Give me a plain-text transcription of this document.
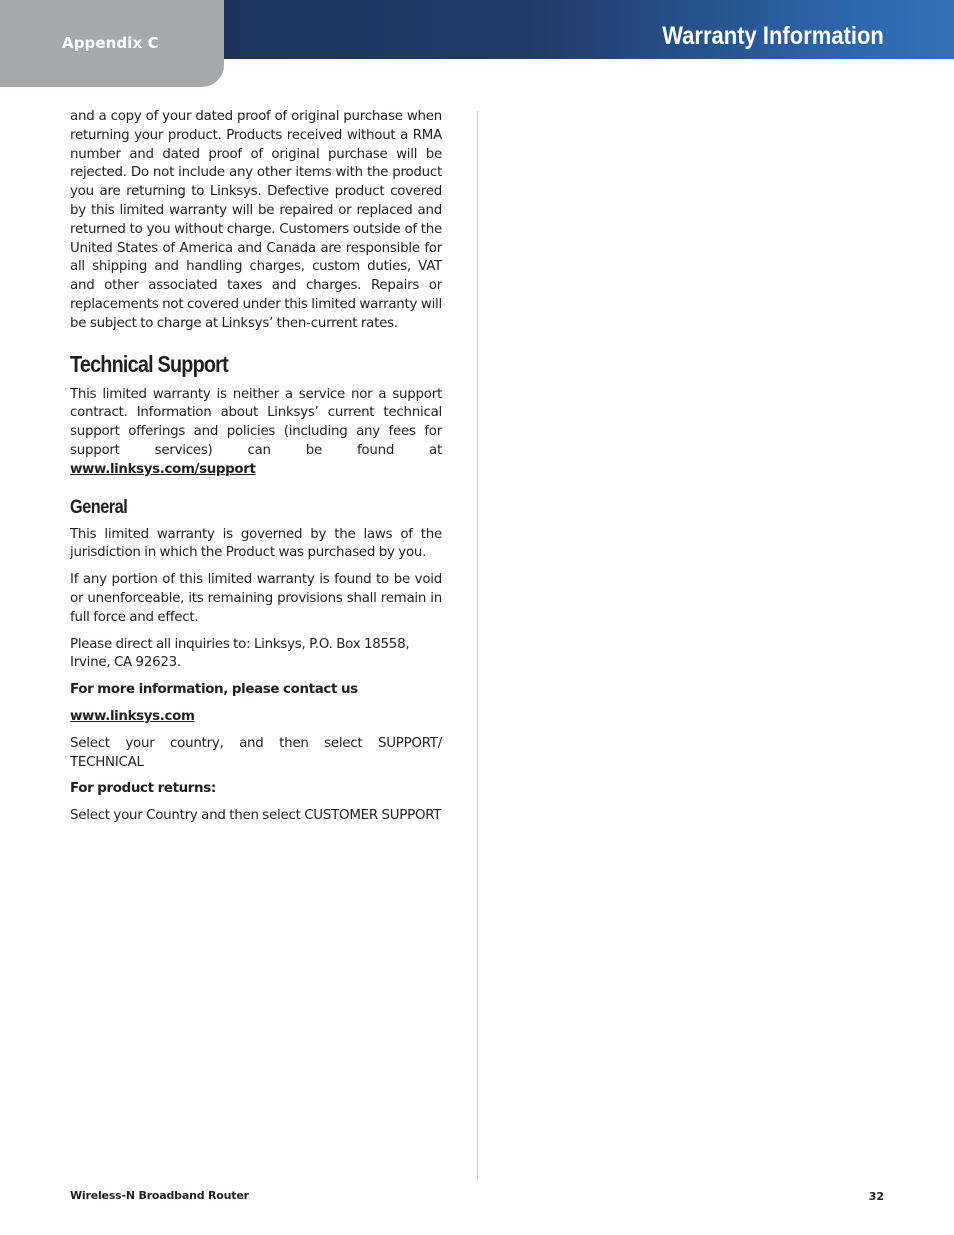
Appendix C	Warranty Information

and a copy of your dated proof of original purchase when returning your product. Products received without a RMA number and dated proof of original purchase will be rejected. Do not include any other items with the product you are returning to Linksys. Defective product covered by this limited warranty will be repaired or replaced and returned to you without charge. Customers outside of the United States of America and Canada are responsible for all shipping and handling charges, custom duties, VAT and other associated taxes and charges. Repairs or replacements not covered under this limited warranty will be subject to charge at Linksys’ then-current rates.

Technical Support

This limited warranty is neither a service nor a support contract. Information about Linksys’ current technical support offerings and policies (including any fees for support services) can be found at www.linksys.com/support

General

This limited warranty is governed by the laws of the jurisdiction in which the Product was purchased by you.

If any portion of this limited warranty is found to be void or unenforceable, its remaining provisions shall remain in full force and effect.

Please direct all inquiries to: Linksys, P.O. Box 18558, Irvine, CA 92623.

For more information, please contact us

www.linksys.com

Select your country, and then select SUPPORT/ TECHNICAL

For product returns:

Select your Country and then select CUSTOMER SUPPORT

Wireless-N Broadband Router	32
